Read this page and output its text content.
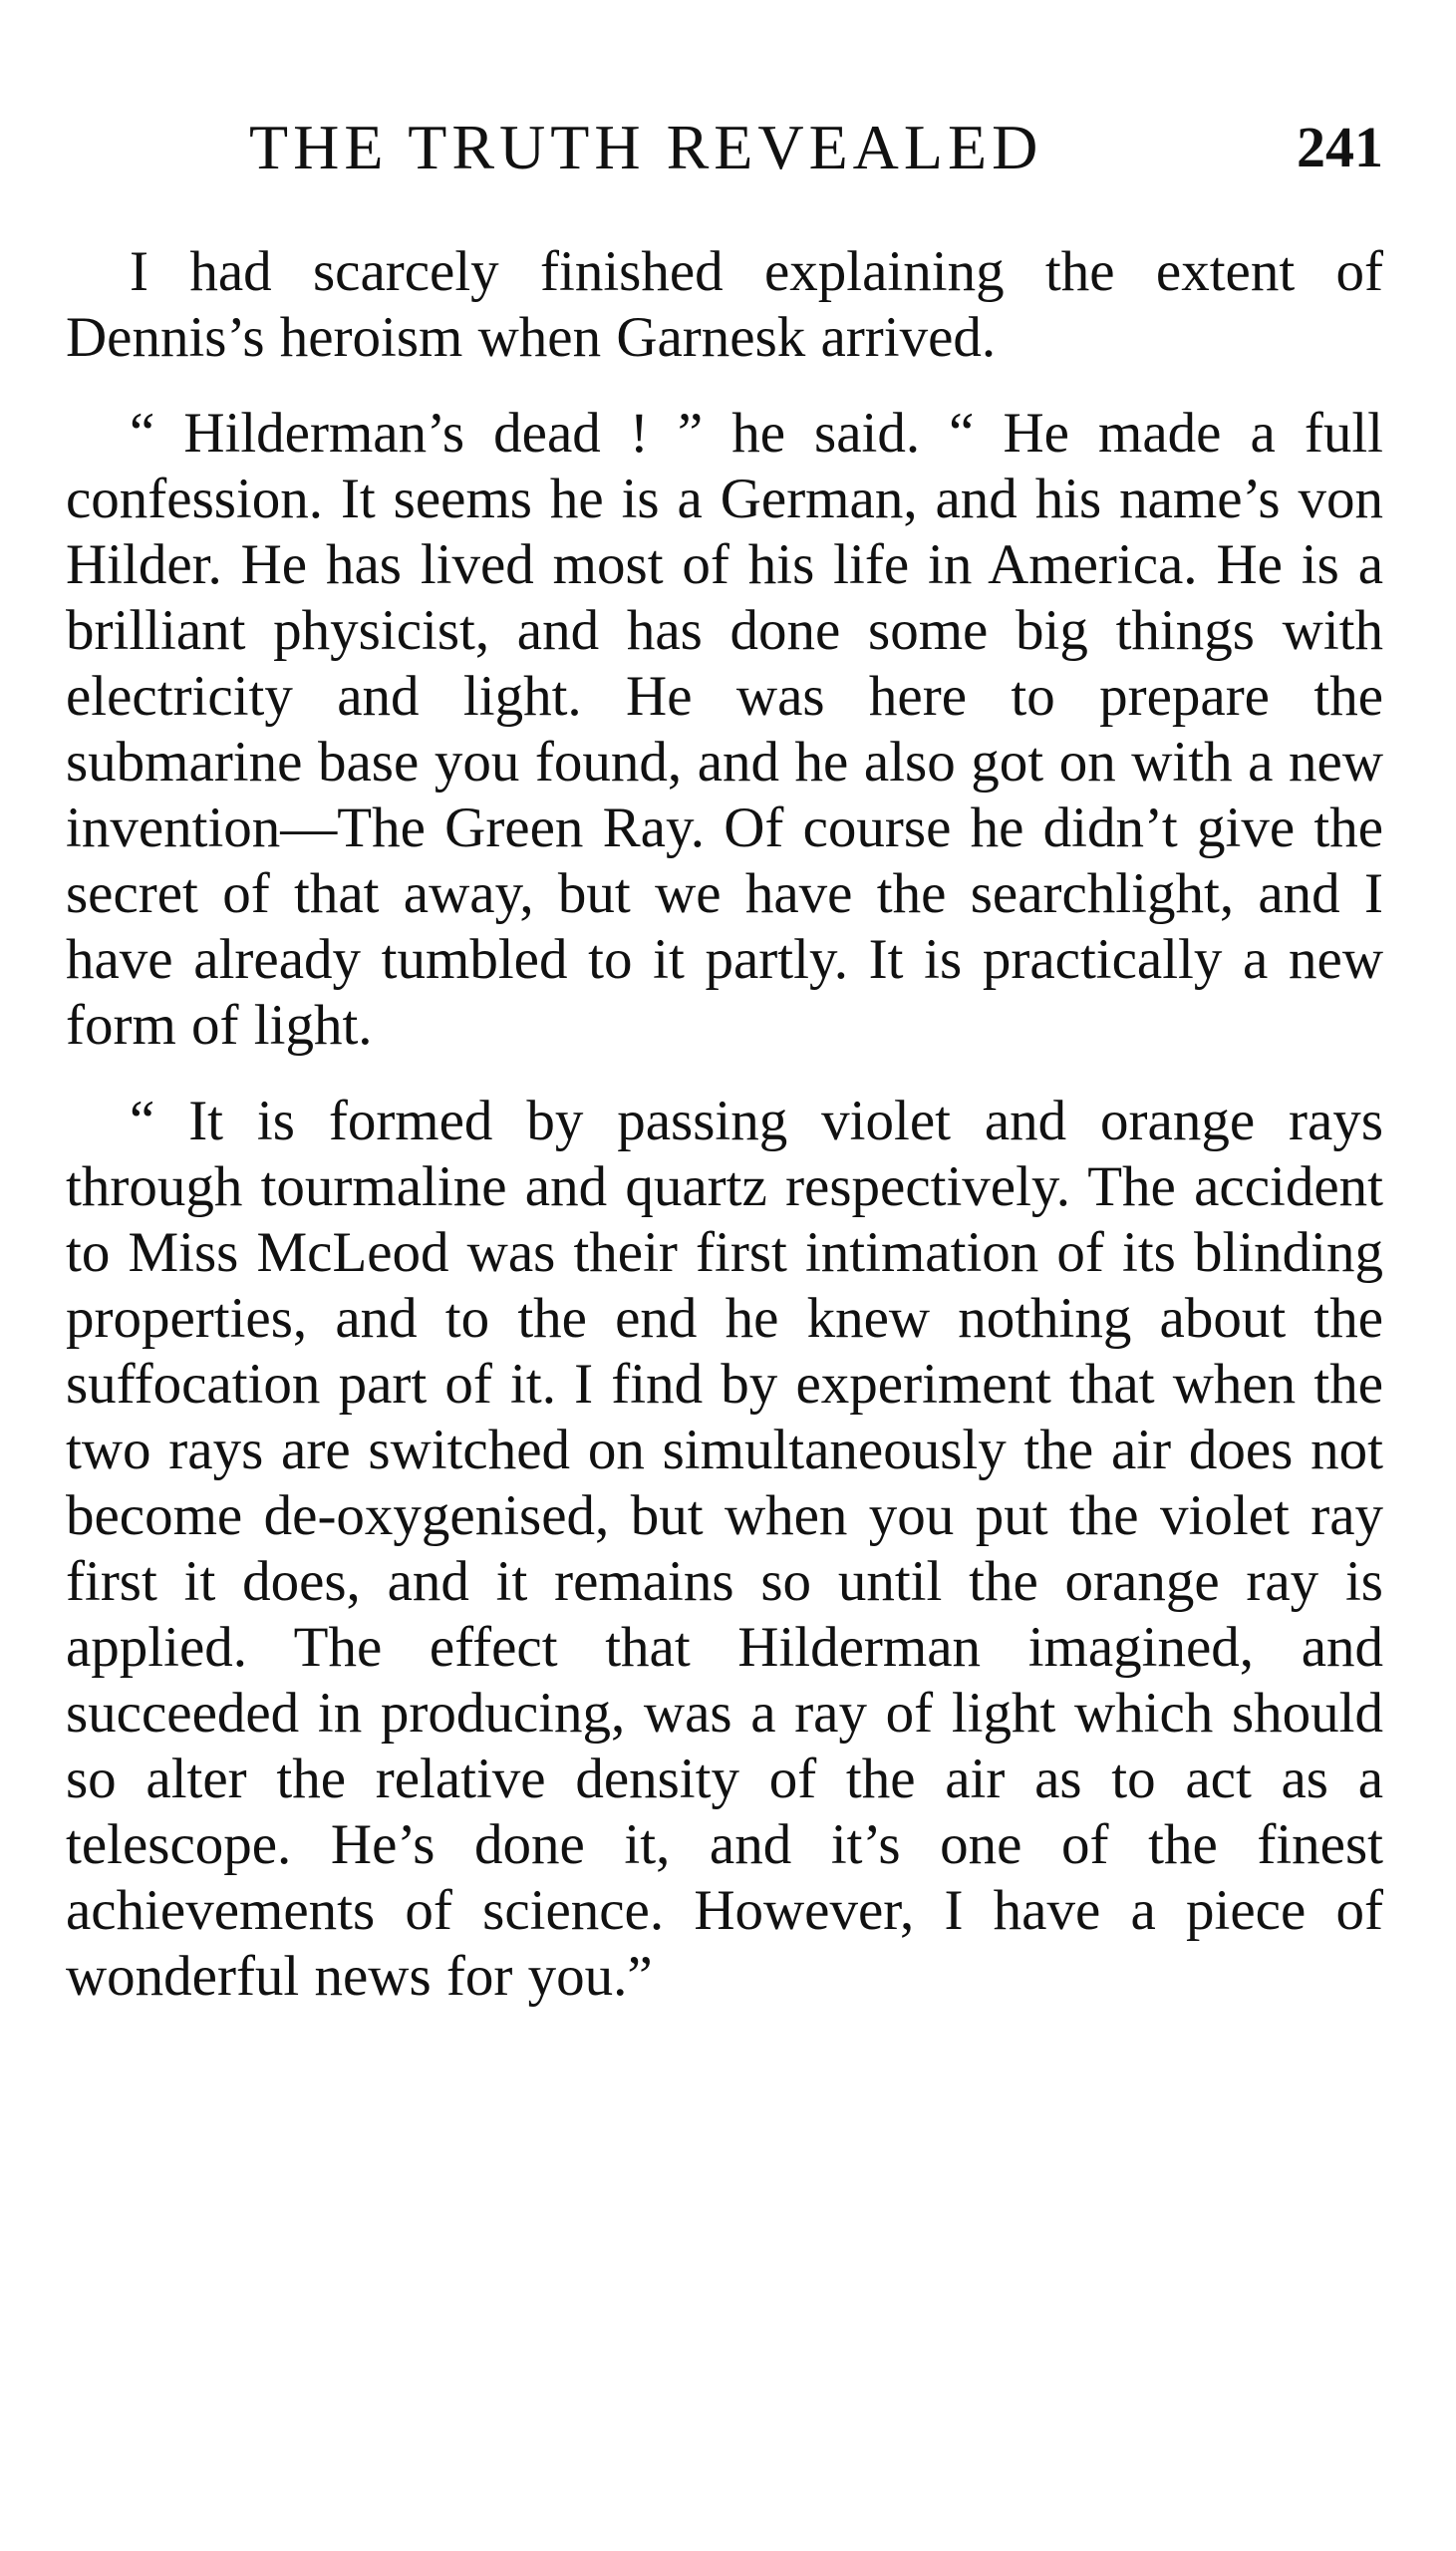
THE TRUTH REVEALED	241

I had scarcely finished explaining the extent of Dennis’s heroism when Garnesk arrived.

“ Hilderman’s dead ! ” he said. “ He made a full confession. It seems he is a German, and his name’s von Hilder. He has lived most of his life in America. He is a brilliant physicist, and has done some big things with electricity and light. He was here to prepare the submarine base you found, and he also got on with a new invention—The Green Ray. Of course he didn’t give the secret of that away, but we have the searchlight, and I have already tumbled to it partly. It is practically a new form of light.

“ It is formed by passing violet and orange rays through tourmaline and quartz respectively. The accident to Miss McLeod was their first intimation of its blinding properties, and to the end he knew nothing about the suffocation part of it. I find by experiment that when the two rays are switched on simultaneously the air does not become de-oxygenised, but when you put the violet ray first it does, and it remains so until the orange ray is applied. The effect that Hilderman imagined, and succeeded in producing, was a ray of light which should so alter the relative density of the air as to act as a telescope. He’s done it, and it’s one of the finest achievements of science. However, I have a piece of wonderful news for you.”
